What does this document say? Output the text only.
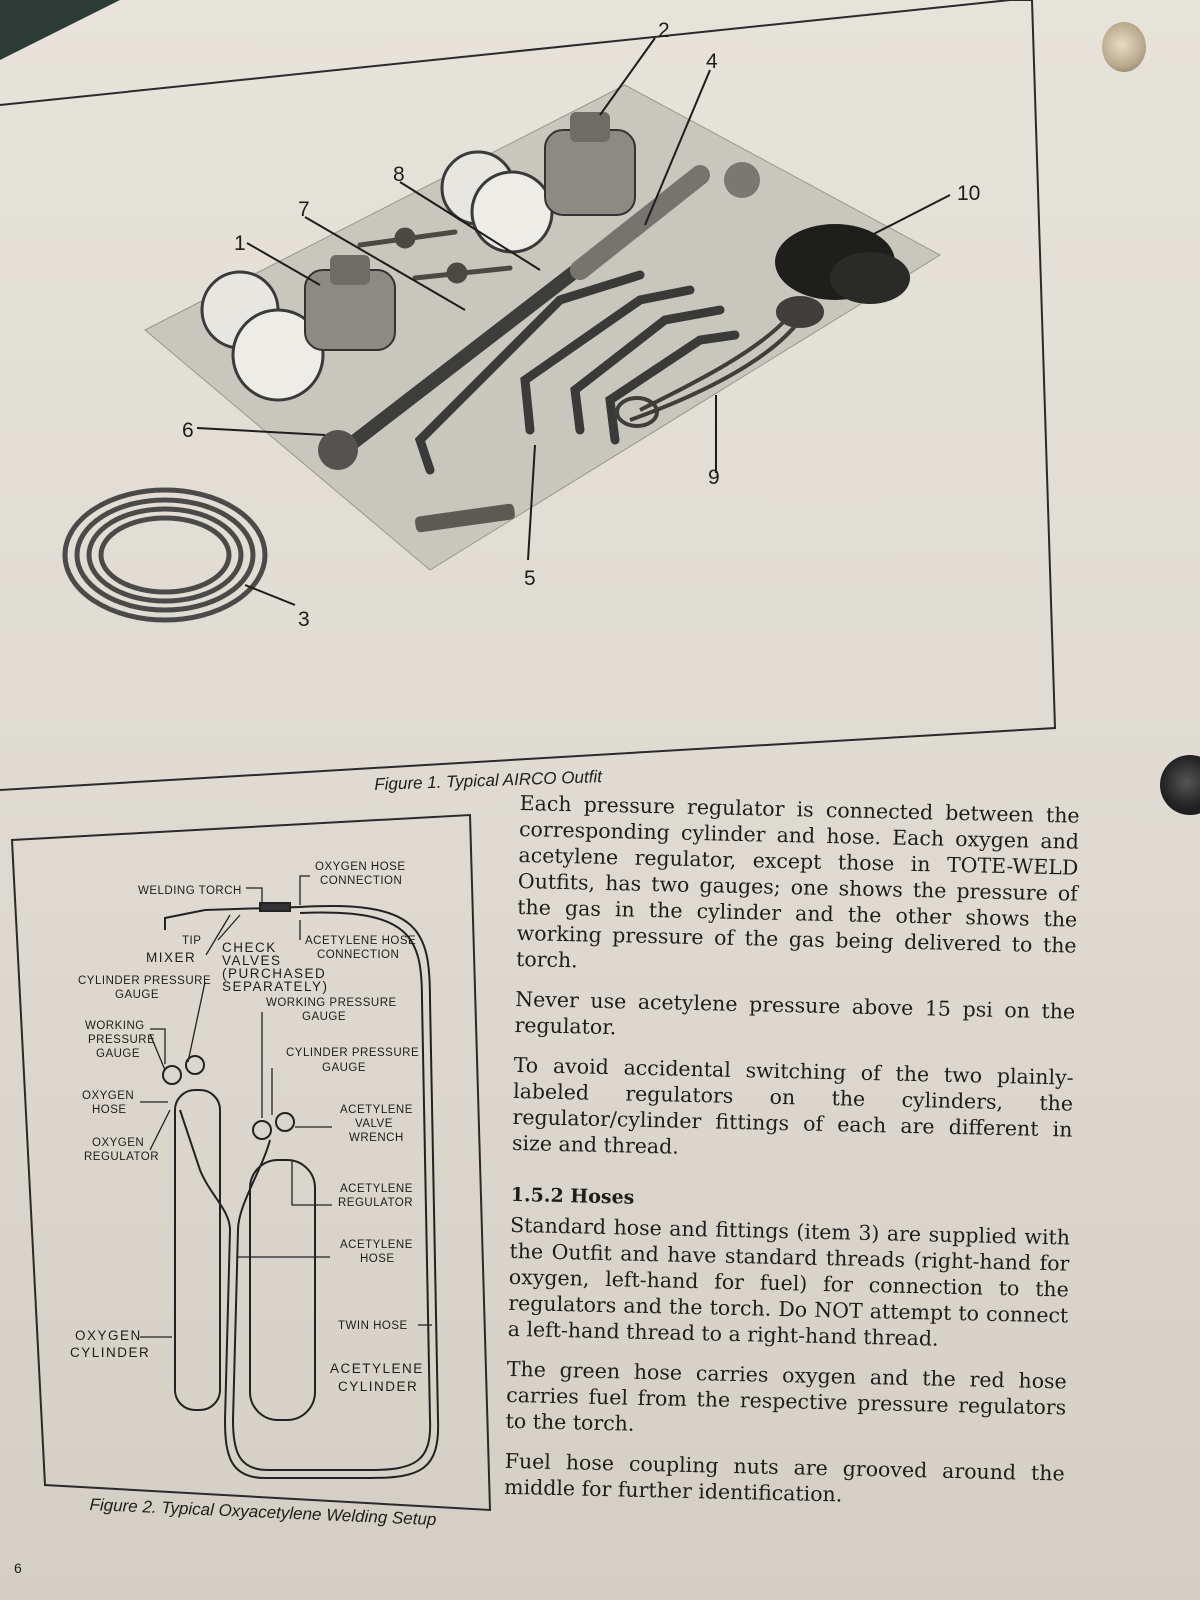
1
2
3
4
5
6
7
8
9
10
Figure 1. Typical AIRCO Outfit
WELDING TORCH
OXYGEN HOSE
CONNECTION
TIP
MIXER
CHECK
VALVES
(PURCHASED
SEPARATELY)
ACETYLENE HOSE
CONNECTION
CYLINDER PRESSURE
GAUGE
WORKING PRESSURE
GAUGE
WORKING
PRESSURE
GAUGE	CYLINDER PRESSURE
GAUGE
OXYGEN
HOSE	ACETYLENE
VALVE
WRENCH
OXYGEN
REGULATOR
ACETYLENE
REGULATOR
ACETYLENE
HOSE
TWIN HOSE
OXYGEN
CYLINDER
ACETYLENE
CYLINDER
Figure 2. Typical Oxyacetylene Welding Setup

Each pressure regulator is connected between the corresponding cylinder and hose. Each oxygen and acetylene regulator, except those in TOTE-WELD Outfits, has two gauges; one shows the pressure of the gas in the cylinder and the other shows the working pressure of the gas being delivered to the torch.

Never use acetylene pressure above 15 psi on the regulator.

To avoid accidental switching of the two plainly-labeled regulators on the cylinders, the regulator/cylinder fittings of each are different in size and thread.

1.5.2 Hoses

Standard hose and fittings (item 3) are supplied with the Outfit and have standard threads (right-hand for oxygen, left-hand for fuel) for connection to the regulators and the torch. Do NOT attempt to connect a left-hand thread to a right-hand thread.

The green hose carries oxygen and the red hose carries fuel from the respective pressure regulators to the torch.

Fuel hose coupling nuts are grooved around the middle for further identification.

6
